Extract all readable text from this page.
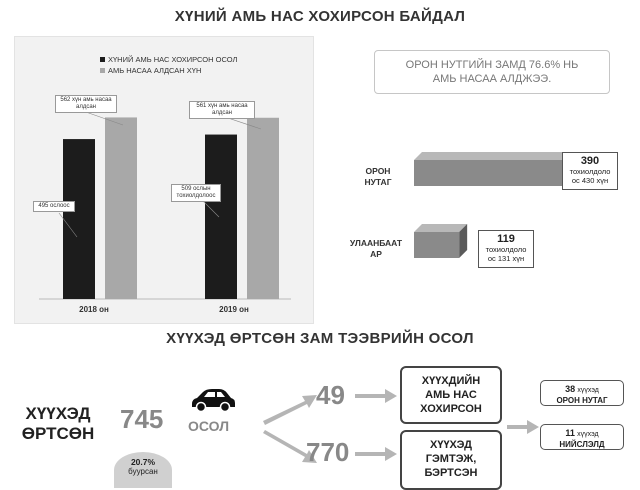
ХҮНИЙ АМЬ НАС ХОХИРСОН БАЙДАЛ
ХҮНИЙ АМЬ НАС ХОХИРСОН ОСОЛ
АМЬ НАСАА АЛДСАН ХҮН
562 хүн амь насаа алдсан
495 ослоос
561 хүн амь насаа алдсан
509 ослын тохиолдолоос
2018 он	2019 он
ОРОН НУТГИЙН ЗАМД 76.6% НЬ
АМЬ НАСАА АЛДЖЭЭ.
ОРОН
НУТАГ
УЛААНБААТ
АР
390
тохиолдоло
ос 430 хүн
119
тохиолдоло
ос 131 хүн
ХҮҮХЭД ӨРТСӨН ЗАМ ТЭЭВРИЙН ОСОЛ
ХҮҮХЭД
ӨРТСӨН 745
20.7%
буурсан
ОСОЛ
49
770
ХҮҮХДИЙН
АМЬ НАС
ХОХИРСОН
ХҮҮХЭД
ГЭМТЭЖ,
БЭРТСЭН
38 хүүхэд
ОРОН НУТАГ
11 хүүхэд
НИЙСЛЭЛД
